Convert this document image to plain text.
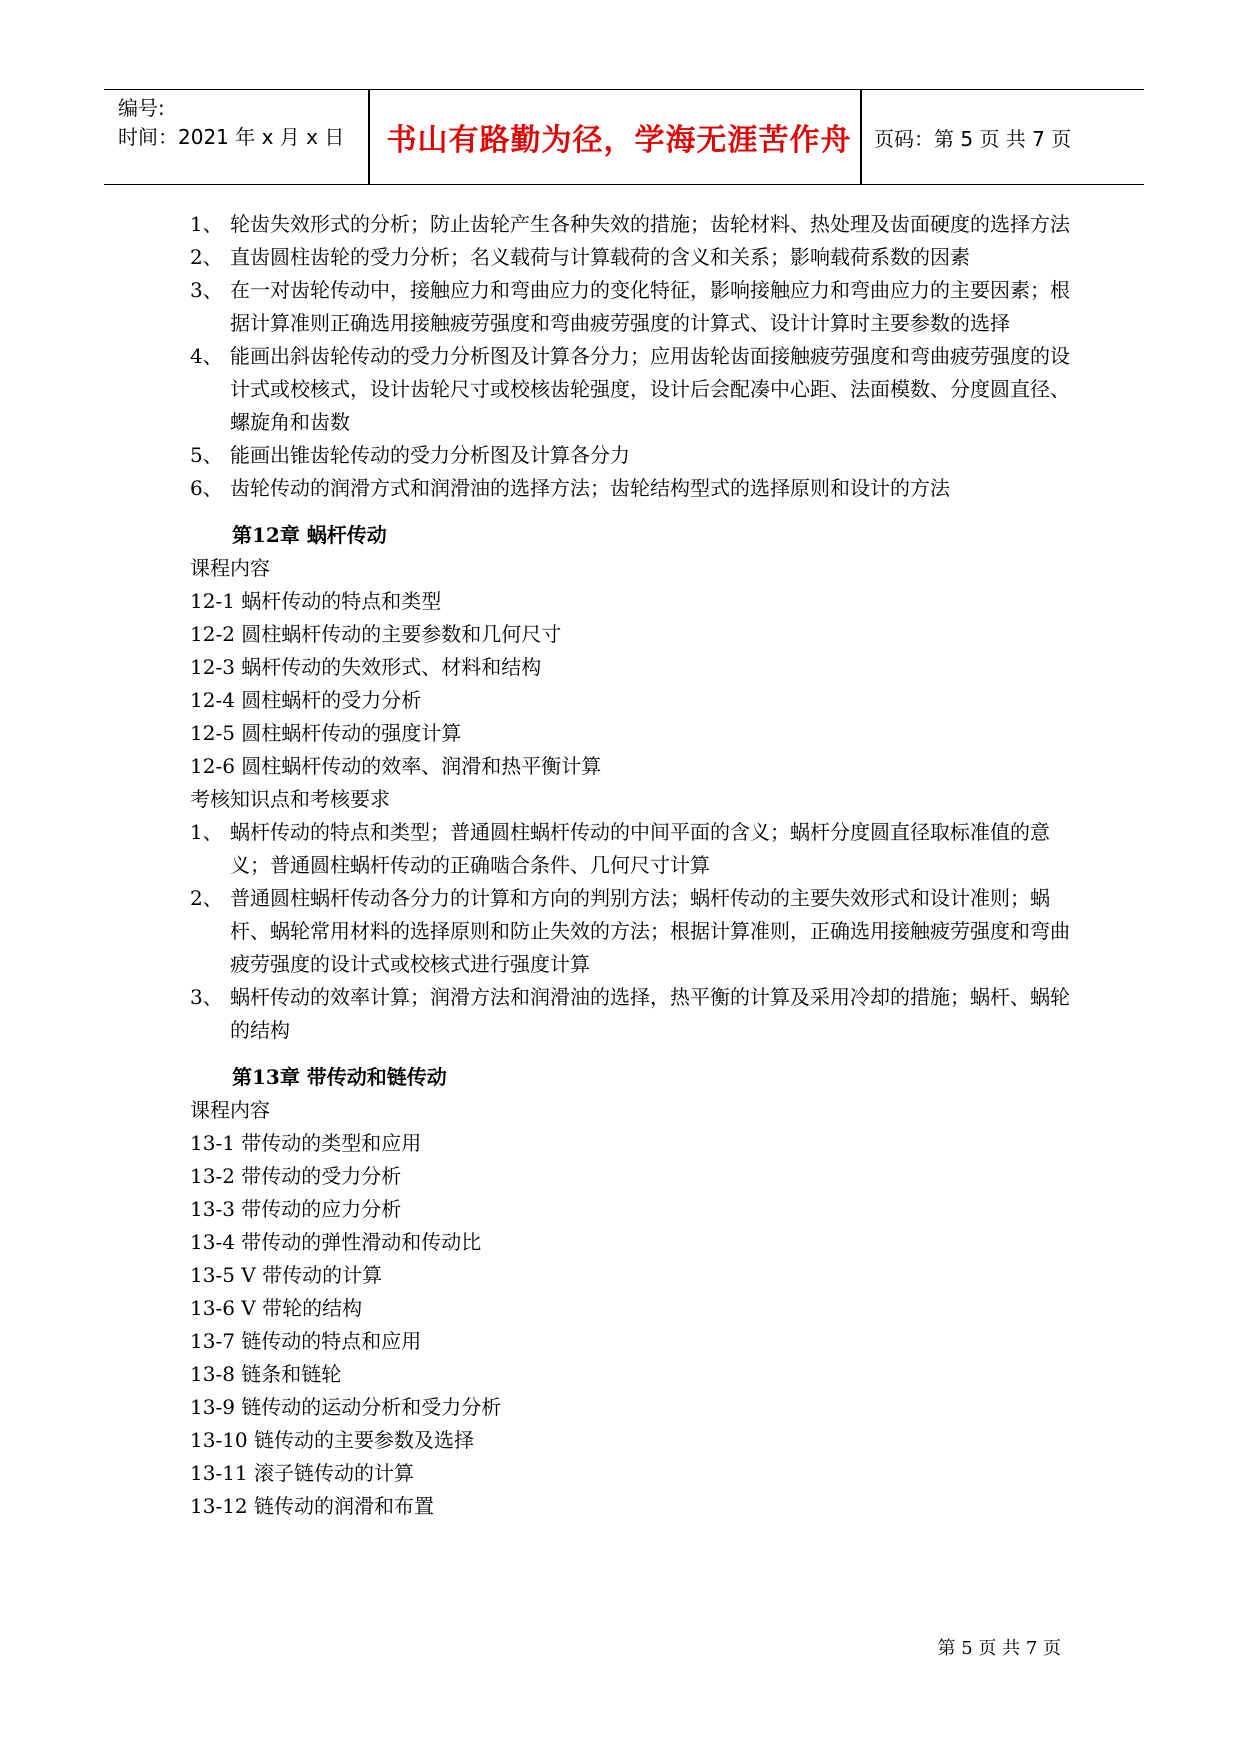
编号:
时间：2021 年 x 月 x 日	书山有路勤为径，学海无涯苦作舟	页码：第 5 页 共 7 页
1、 轮齿失效形式的分析；防止齿轮产生各种失效的措施；齿轮材料、热处理及齿面硬度的选择方法
2、 直齿圆柱齿轮的受力分析；名义载荷与计算载荷的含义和关系；影响载荷系数的因素
3、 在一对齿轮传动中，接触应力和弯曲应力的变化特征，影响接触应力和弯曲应力的主要因素；根据计算准则正确选用接触疲劳强度和弯曲疲劳强度的计算式、设计计算时主要参数的选择
4、 能画出斜齿轮传动的受力分析图及计算各分力；应用齿轮齿面接触疲劳强度和弯曲疲劳强度的设计式或校核式，设计齿轮尺寸或校核齿轮强度，设计后会配凑中心距、法面模数、分度圆直径、螺旋角和齿数
5、 能画出锥齿轮传动的受力分析图及计算各分力
6、 齿轮传动的润滑方式和润滑油的选择方法；齿轮结构型式的选择原则和设计的方法
第12章 蜗杆传动
课程内容
12-1 蜗杆传动的特点和类型
12-2 圆柱蜗杆传动的主要参数和几何尺寸
12-3 蜗杆传动的失效形式、材料和结构
12-4 圆柱蜗杆的受力分析
12-5 圆柱蜗杆传动的强度计算
12-6 圆柱蜗杆传动的效率、润滑和热平衡计算
考核知识点和考核要求
1、 蜗杆传动的特点和类型；普通圆柱蜗杆传动的中间平面的含义；蜗杆分度圆直径取标准值的意义；普通圆柱蜗杆传动的正确啮合条件、几何尺寸计算
2、 普通圆柱蜗杆传动各分力的计算和方向的判别方法；蜗杆传动的主要失效形式和设计准则；蜗杆、蜗轮常用材料的选择原则和防止失效的方法；根据计算准则，正确选用接触疲劳强度和弯曲疲劳强度的设计式或校核式进行强度计算
3、 蜗杆传动的效率计算；润滑方法和润滑油的选择，热平衡的计算及采用冷却的措施；蜗杆、蜗轮的结构
第13章 带传动和链传动
课程内容
13-1 带传动的类型和应用
13-2 带传动的受力分析
13-3 带传动的应力分析
13-4 带传动的弹性滑动和传动比
13-5 V 带传动的计算
13-6 V 带轮的结构
13-7 链传动的特点和应用
13-8 链条和链轮
13-9 链传动的运动分析和受力分析
13-10 链传动的主要参数及选择
13-11 滚子链传动的计算
13-12 链传动的润滑和布置
第 5 页 共 7 页
